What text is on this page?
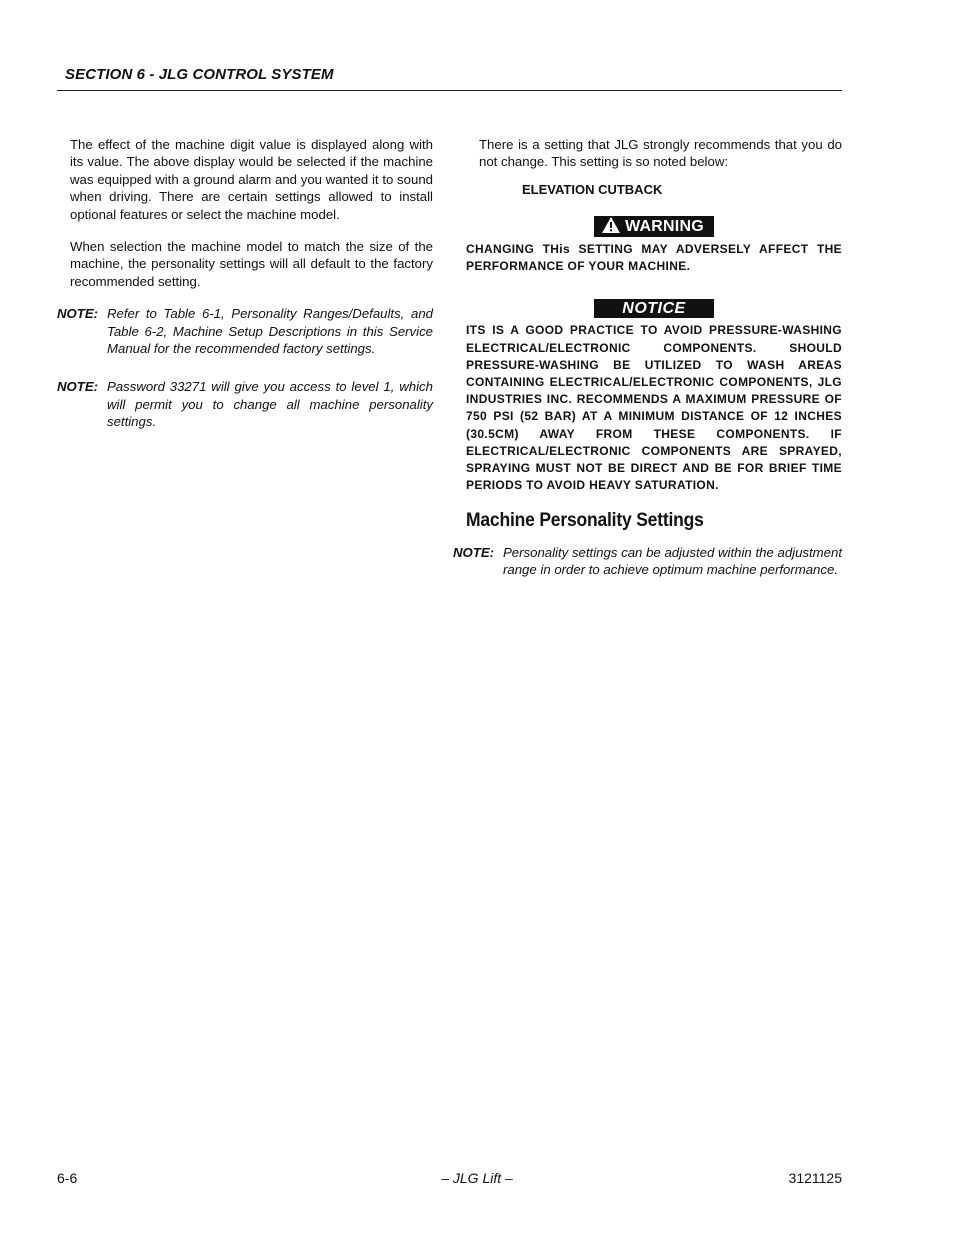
SECTION 6 - JLG CONTROL SYSTEM

The effect of the machine digit value is displayed along with its value. The above display would be selected if the machine was equipped with a ground alarm and you wanted it to sound when driving. There are certain settings allowed to install optional features or select the machine model.

When selection the machine model to match the size of the machine, the personality settings will all default to the factory recommended setting.

NOTE: Refer to Table 6-1, Personality Ranges/Defaults, and Table 6-2, Machine Setup Descriptions in this Service Manual for the recommended factory settings.
NOTE: Password 33271 will give you access to level 1, which will permit you to change all machine personality settings.

There is a setting that JLG strongly recommends that you do not change. This setting is so noted below:

ELEVATION CUTBACK
WARNING

CHANGING THis SETTING MAY ADVERSELY AFFECT THE PERFORMANCE OF YOUR MACHINE.

NOTICE

ITS IS A GOOD PRACTICE TO AVOID PRESSURE-WASHING ELECTRICAL/ELECTRONIC COMPONENTS. SHOULD PRESSURE-WASHING BE UTILIZED TO WASH AREAS CONTAINING ELECTRICAL/ELECTRONIC COMPONENTS, JLG INDUSTRIES INC. RECOMMENDS A MAXIMUM PRESSURE OF 750 PSI (52 BAR) AT A MINIMUM DISTANCE OF 12 INCHES (30.5CM) AWAY FROM THESE COMPONENTS. IF ELECTRICAL/ELECTRONIC COMPONENTS ARE SPRAYED, SPRAYING MUST NOT BE DIRECT AND BE FOR BRIEF TIME PERIODS TO AVOID HEAVY SATURATION.

Machine Personality Settings
NOTE: Personality settings can be adjusted within the adjustment range in order to achieve optimum machine performance.
6-6	– JLG Lift –	3121125
